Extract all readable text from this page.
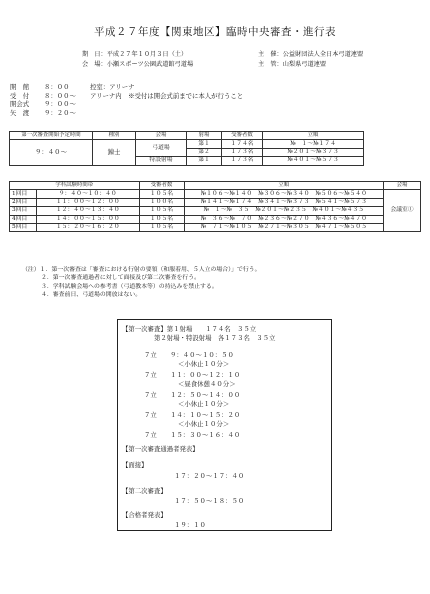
平成２７年度【関東地区】臨時中央審査・進行表
期　日：平成２７年１０月３日（土）
会　場：小瀬スポーツ公園武道館弓道場
主　催：公益財団法人全日本弓道連盟
主　管：山梨県弓道連盟
開　館 ８：００	控室：アリーナ
受　付 ８：００～ アリーナ内　※受付は開会式前までに本人が行うこと
開会式 ９：００～
矢　渡 ９：２０～
第一次審査開始予定時間	種別	会場	射場	受審者数	立順
９：４０～	錬士	弓道場	第１	１７４名	№　１～№１７４
			第２	１７３名	№２０１～№３７３
		特設射場	第１	１７３名	№４０１～№５７３
学科試験時間帯		受審者数	立順	会場
1回目	９：４０～１０：４０	１０５名	№１０６～№１４０　№３０６～№３４０　№５０６～№５４０	会議室①
2回目	１１：００～１２：００	１００名	№１４１～№１７４　№３４１～№３７３　№５４１～№５７３	
3回目	１２：４０～１３：４０	１０５名	№　１～№　３５　№２０１～№２３５　№４０１～№４３５	
4回目	１４：００～１５：００	１０５名	№　３６～№　７０　№２３６～№２７０　№４３６～№４７０	
5回目	１５：２０～１６：２０	１０５名	№　７１～№１０５　№２７１～№３０５　№４７１～№５０５	
（注）１．第一次審査は「審査における行射の要領（和服着用、５人立の場合）」で行う。
２．第一次審査通過者に対して面接及び第二次審査を行う。
３．学科試験会場への参考書（弓道教本等）の持込みを禁止する。
４．審査前日、弓道場の開放はない。
【第一次審査】第１射場　　１７４名　３５立
第２射場・特設射場　各１７３名　３５立
７立 ９：４０～１０：５０
＜小休止１０分＞
７立 １１：００～１２：１０
＜昼食休憩４０分＞
７立 １２：５０～１４：００
＜小休止１０分＞
７立 １４：１０～１５：２０
＜小休止１０分＞
７立 １５：３０～１６：４０
【第一次審査通過者発表】
【面接】
１７：２０～１７：４０
【第二次審査】
１７：５０～１８：５０
【合格者発表】
１９：１０
